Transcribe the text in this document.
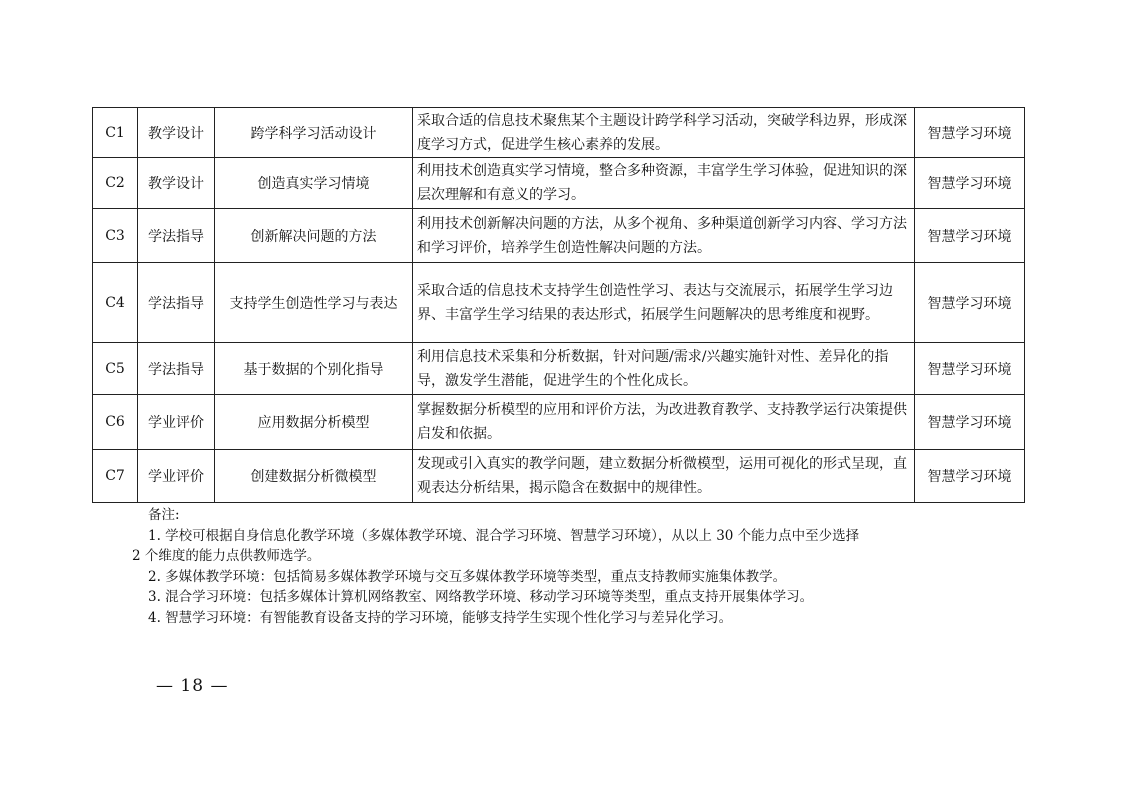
C1	教学设计	跨学科学习活动设计	采取合适的信息技术聚焦某个主题设计跨学科学习活动，突破学科边界，形成深度学习方式，促进学生核心素养的发展。	智慧学习环境
C2	教学设计	创造真实学习情境	利用技术创造真实学习情境，整合多种资源，丰富学生学习体验，促进知识的深层次理解和有意义的学习。	智慧学习环境
C3	学法指导	创新解决问题的方法	利用技术创新解决问题的方法，从多个视角、多种渠道创新学习内容、学习方法和学习评价，培养学生创造性解决问题的方法。	智慧学习环境
C4	学法指导	支持学生创造性学习与表达	采取合适的信息技术支持学生创造性学习、表达与交流展示，拓展学生学习边界、丰富学生学习结果的表达形式，拓展学生问题解决的思考维度和视野。	智慧学习环境
C5	学法指导	基于数据的个别化指导	利用信息技术采集和分析数据，针对问题/需求/兴趣实施针对性、差异化的指导，激发学生潜能，促进学生的个性化成长。	智慧学习环境
C6	学业评价	应用数据分析模型	掌握数据分析模型的应用和评价方法，为改进教育教学、支持教学运行决策提供启发和依据。	智慧学习环境
C7	学业评价	创建数据分析微模型	发现或引入真实的教学问题，建立数据分析微模型，运用可视化的形式呈现，直观表达分析结果，揭示隐含在数据中的规律性。	智慧学习环境
备注:
1. 学校可根据自身信息化教学环境（多媒体教学环境、混合学习环境、智慧学习环境），从以上 30 个能力点中至少选择
2 个维度的能力点供教师选学。
2. 多媒体教学环境：包括简易多媒体教学环境与交互多媒体教学环境等类型，重点支持教师实施集体教学。
3. 混合学习环境：包括多媒体计算机网络教室、网络教学环境、移动学习环境等类型，重点支持开展集体学习。
4. 智慧学习环境：有智能教育设备支持的学习环境，能够支持学生实现个性化学习与差异化学习。
— 18 —
